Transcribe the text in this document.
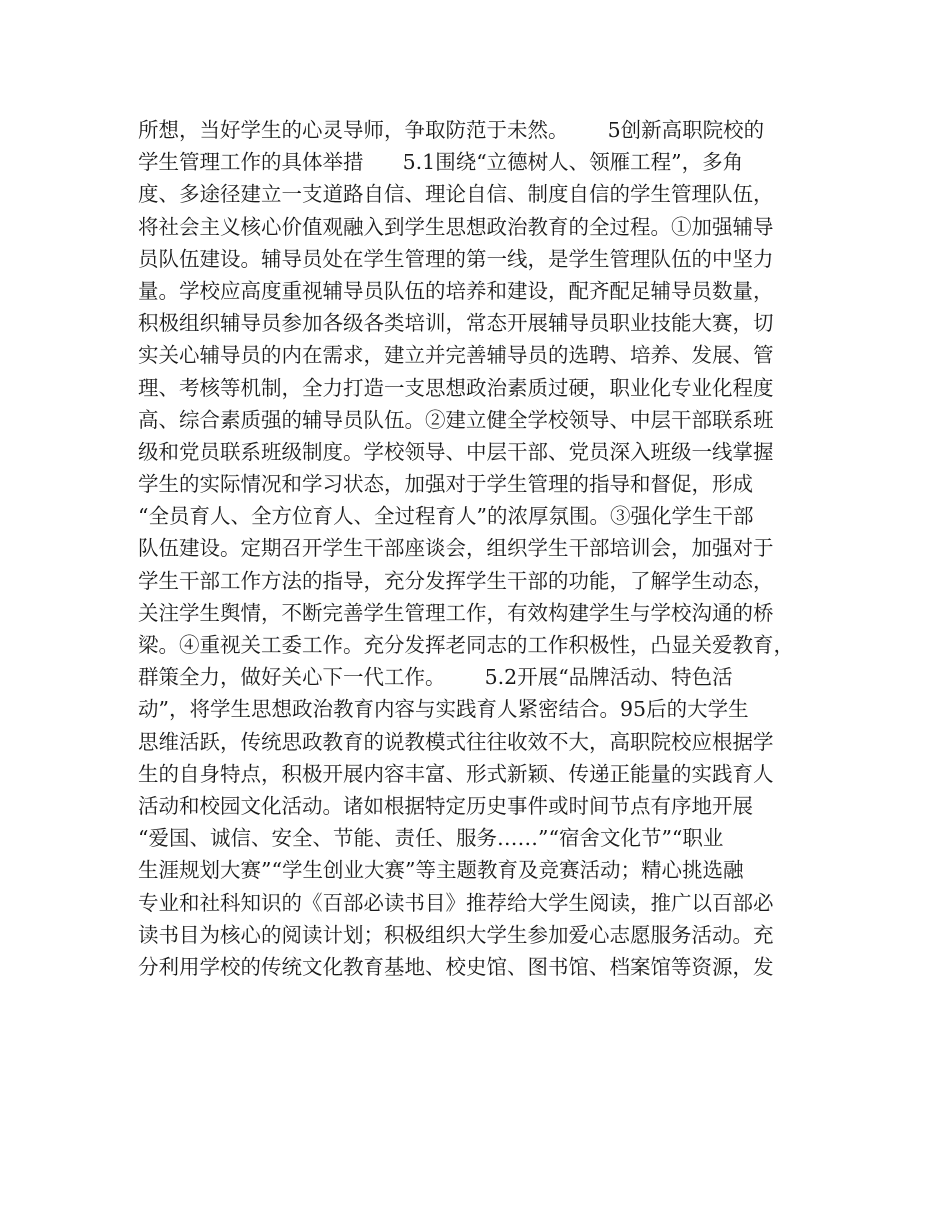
所想，当好学生的心灵导师，争取防范于未然。      5创新高职院校的
学生管理工作的具体举措      5.1围绕“立德树人、领雁工程”，多角
度、多途径建立一支道路自信、理论自信、制度自信的学生管理队伍，
将社会主义核心价值观融入到学生思想政治教育的全过程。①加强辅导
员队伍建设。辅导员处在学生管理的第一线，是学生管理队伍的中坚力
量。学校应高度重视辅导员队伍的培养和建设，配齐配足辅导员数量，
积极组织辅导员参加各级各类培训，常态开展辅导员职业技能大赛，切
实关心辅导员的内在需求，建立并完善辅导员的选聘、培养、发展、管
理、考核等机制，全力打造一支思想政治素质过硬，职业化专业化程度
高、综合素质强的辅导员队伍。②建立健全学校领导、中层干部联系班
级和党员联系班级制度。学校领导、中层干部、党员深入班级一线掌握
学生的实际情况和学习状态，加强对于学生管理的指导和督促，形成
“全员育人、全方位育人、全过程育人”的浓厚氛围。③强化学生干部
队伍建设。定期召开学生干部座谈会，组织学生干部培训会，加强对于
学生干部工作方法的指导，充分发挥学生干部的功能，了解学生动态，
关注学生舆情，不断完善学生管理工作，有效构建学生与学校沟通的桥
梁。④重视关工委工作。充分发挥老同志的工作积极性，凸显关爱教育，
群策全力，做好关心下一代工作。      5.2开展“品牌活动、特色活
动”，将学生思想政治教育内容与实践育人紧密结合。95后的大学生
思维活跃，传统思政教育的说教模式往往收效不大，高职院校应根据学
生的自身特点，积极开展内容丰富、形式新颖、传递正能量的实践育人
活动和校园文化活动。诸如根据特定历史事件或时间节点有序地开展
“爱国、诚信、安全、节能、责任、服务……”“宿舍文化节”“职业
生涯规划大赛”“学生创业大赛”等主题教育及竞赛活动；精心挑选融
专业和社科知识的《百部必读书目》推荐给大学生阅读，推广以百部必
读书目为核心的阅读计划；积极组织大学生参加爱心志愿服务活动。充
分利用学校的传统文化教育基地、校史馆、图书馆、档案馆等资源，发
